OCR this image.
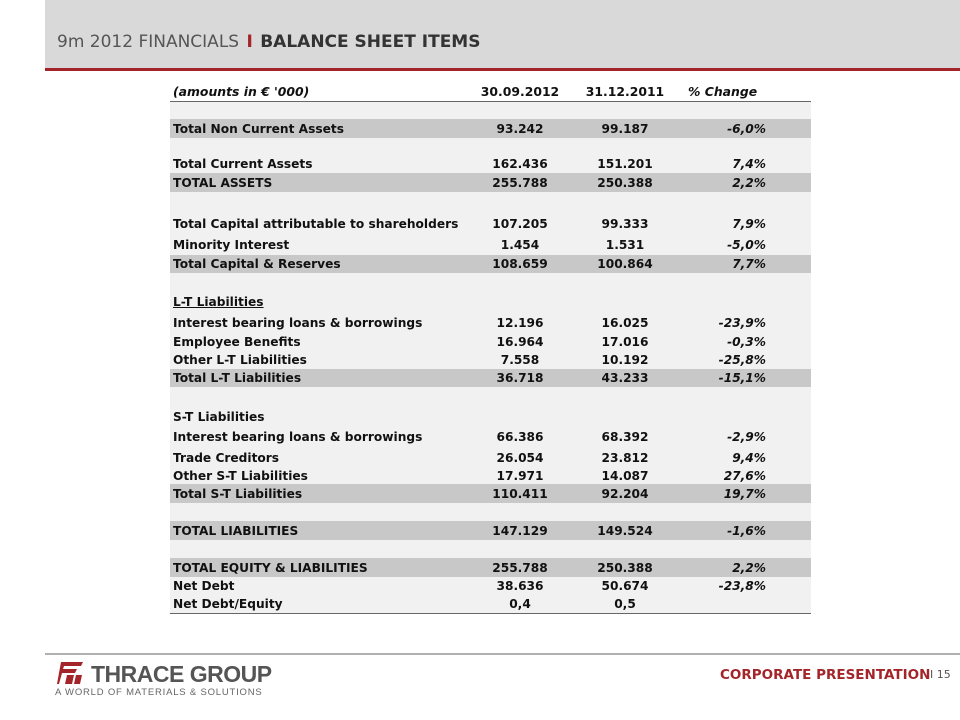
9m 2012 FINANCIALS I BALANCE SHEET ITEMS
(amounts in € '000)	30.09.2012	31.12.2011	% Change

Total Non Current Assets	93.242	99.187	-6,0%

Total Current Assets	162.436	151.201	7,4%
TOTAL ASSETS	255.788	250.388	2,2%

Total Capital attributable to shareholders	107.205	99.333	7,9%
Minority Interest	1.454	1.531	-5,0%
Total Capital & Reserves	108.659	100.864	7,7%

L-T Liabilities			
Interest bearing loans & borrowings	12.196	16.025	-23,9%
Employee Benefits	16.964	17.016	-0,3%
Other L-T Liabilities	7.558	10.192	-25,8%
Total L-T Liabilities	36.718	43.233	-15,1%

S-T Liabilities			
Interest bearing loans & borrowings	66.386	68.392	-2,9%
Trade Creditors	26.054	23.812	9,4%
Other S-T Liabilities	17.971	14.087	27,6%
Total S-T Liabilities	110.411	92.204	19,7%

TOTAL LIABILITIES	147.129	149.524	-1,6%

TOTAL EQUITY & LIABILITIES	255.788	250.388	2,2%
Net Debt	38.636	50.674	-23,8%
Net Debt/Equity	0,4	0,5	
THRACE GROUP
A WORLD OF MATERIALS & SOLUTIONS
CORPORATE PRESENTATION I 15
